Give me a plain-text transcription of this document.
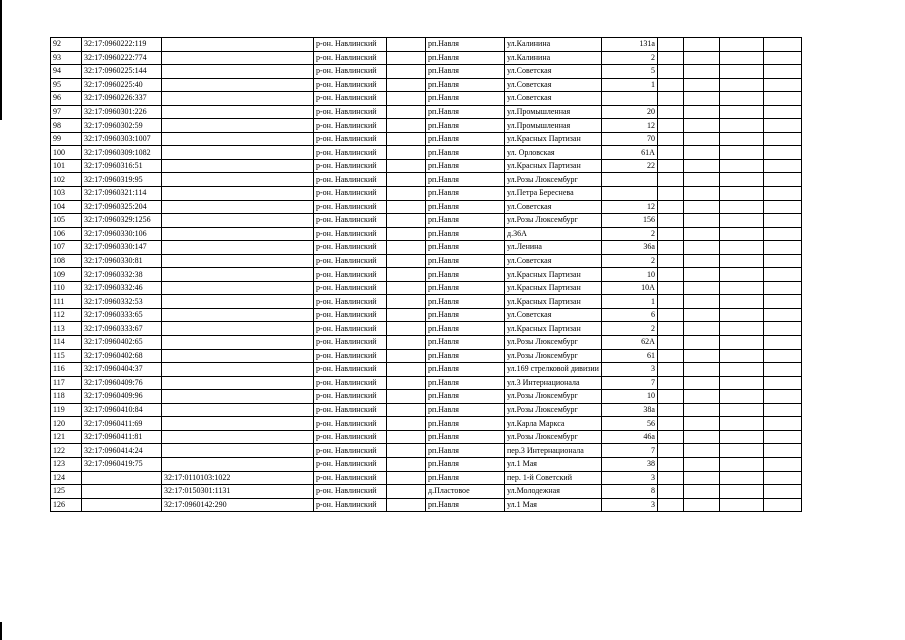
92	32:17:0960222:119		р-он. Навлинский		рп.Навля	ул.Калинина	131а				
93	32:17:0960222:774		р-он. Навлинский		рп.Навля	ул.Калинина	2				
94	32:17:0960225:144		р-он. Навлинский		рп.Навля	ул.Советская	5				
95	32:17:0960225:40		р-он. Навлинский		рп.Навля	ул.Советская	1				
96	32:17:0960226:337		р-он. Навлинский		рп.Навля	ул.Советская					
97	32:17:0960301:226		р-он. Навлинский		рп.Навля	ул.Промышленная	20				
98	32:17:0960302:59		р-он. Навлинский		рп.Навля	ул.Промышленная	12				
99	32:17:0960303:1007		р-он. Навлинский		рп.Навля	ул.Красных Партизан	70				
100	32:17:0960309:1082		р-он. Навлинский		рп.Навля	ул. Орловская	61А				
101	32:17:0960316:51		р-он. Навлинский		рп.Навля	ул.Красных Партизан	22				
102	32:17:0960319:95		р-он. Навлинский		рп.Навля	ул.Розы Люксембург					
103	32:17:0960321:114		р-он. Навлинский		рп.Навля	ул.Петра Береснева					
104	32:17:0960325:204		р-он. Навлинский		рп.Навля	ул.Советская	12				
105	32:17:0960329:1256		р-он. Навлинский		рп.Навля	ул.Розы Люксембург	156				
106	32:17:0960330:106		р-он. Навлинский		рп.Навля	д.36А	2				
107	32:17:0960330:147		р-он. Навлинский		рп.Навля	ул.Ленина	36а				
108	32:17:0960330:81		р-он. Навлинский		рп.Навля	ул.Советская	2				
109	32:17:0960332:38		р-он. Навлинский		рп.Навля	ул.Красных Партизан	10				
110	32:17:0960332:46		р-он. Навлинский		рп.Навля	ул.Красных Партизан	10А				
111	32:17:0960332:53		р-он. Навлинский		рп.Навля	ул.Красных Партизан	1				
112	32:17:0960333:65		р-он. Навлинский		рп.Навля	ул.Советская	6				
113	32:17:0960333:67		р-он. Навлинский		рп.Навля	ул.Красных Партизан	2				
114	32:17:0960402:65		р-он. Навлинский		рп.Навля	ул.Розы Люксембург	62А				
115	32:17:0960402:68		р-он. Навлинский		рп.Навля	ул.Розы Люксембург	61				
116	32:17:0960404:37		р-он. Навлинский		рп.Навля	ул.169 стрелковой дивизии	3				
117	32:17:0960409:76		р-он. Навлинский		рп.Навля	ул.3 Интернационала	7				
118	32:17:0960409:96		р-он. Навлинский		рп.Навля	ул.Розы Люксембург	10				
119	32:17:0960410:84		р-он. Навлинский		рп.Навля	ул.Розы Люксембург	38а				
120	32:17:0960411:69		р-он. Навлинский		рп.Навля	ул.Карла Маркса	56				
121	32:17:0960411:81		р-он. Навлинский		рп.Навля	ул.Розы Люксембург	46а				
122	32:17:0960414:24		р-он. Навлинский		рп.Навля	пер.3 Интернационала	7				
123	32:17:0960419:75		р-он. Навлинский		рп.Навля	ул.1 Мая	38				
124		32:17:0110103:1022	р-он. Навлинский		рп.Навля	пер. 1-й Советский	3				
125		32:17:0150301:1131	р-он. Навлинский		д.Пластовое	ул.Молодежная	8				
126		32:17:0960142:290	р-он. Навлинский		рп.Навля	ул.1 Мая	3				
